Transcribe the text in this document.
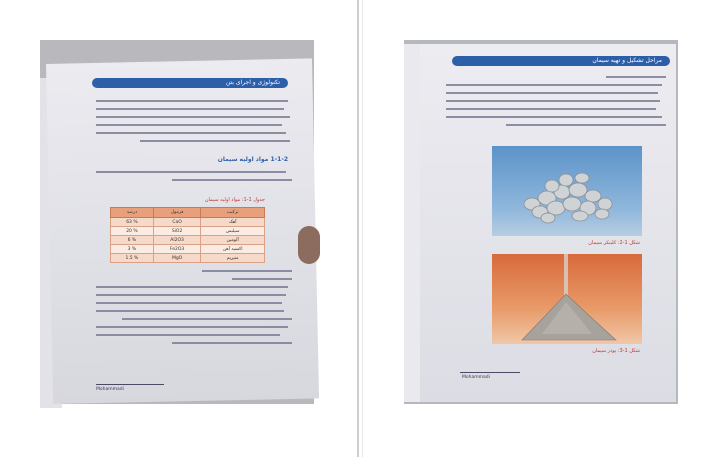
تکنولوژی و اجرای بتن
1-1-2 مواد اولیه سیمان
جدول 1-1: مواد اولیه سیمان
درصد	فرمول	ترکیب
63 %	CaO	آهک
20 %	SiO2	سیلیس
6 %	Al2O3	آلومین
3 %	Fe2O3	اکسید آهن
1.5 %	MgO	منیزیم
Mohammadi
مراحل تشکیل و تهیه سیمان
شکل 1-2: کلینکر سیمان
شکل 1-3: پودر سیمان
Mohammadi
